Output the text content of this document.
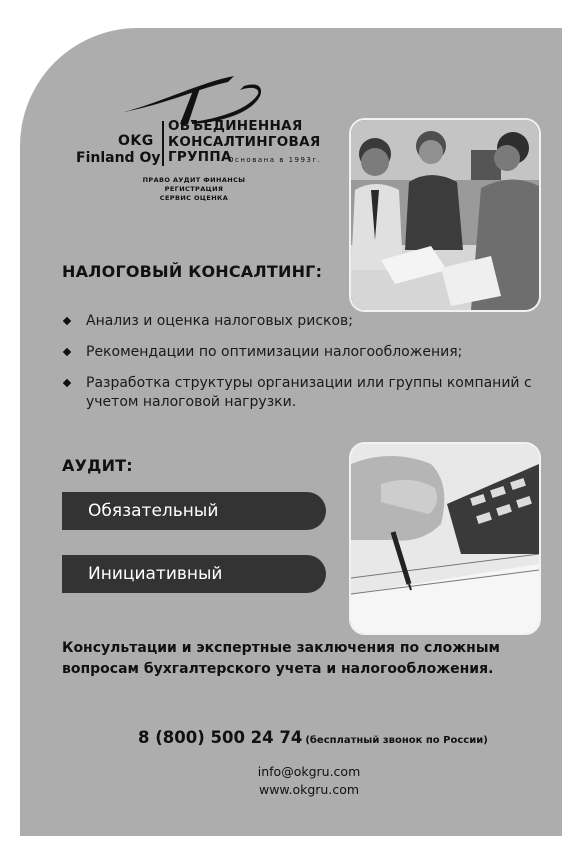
OKG
Finland Oy
ОБЪЕДИНЕННАЯ
КОНСАЛТИНГОВАЯ
ГРУППА
Основана в 1993г.
ПРАВО АУДИТ ФИНАНСЫ РЕГИСТРАЦИЯ
СЕРВИС ОЦЕНКА
НАЛОГОВЫЙ КОНСАЛТИНГ:
Анализ и оценка налоговых рисков;
Рекомендации по оптимизации налогообложения;
Разработка структуры организации или группы компаний с учетом налоговой нагрузки.
АУДИТ:
Обязательный
Инициативный
Консультации и экспертные заключения по сложным вопросам бухгалтерского учета и налогообложения.
8 (800) 500 24 74 (бесплатный звонок по России)
info@okgru.com
www.okgru.com
